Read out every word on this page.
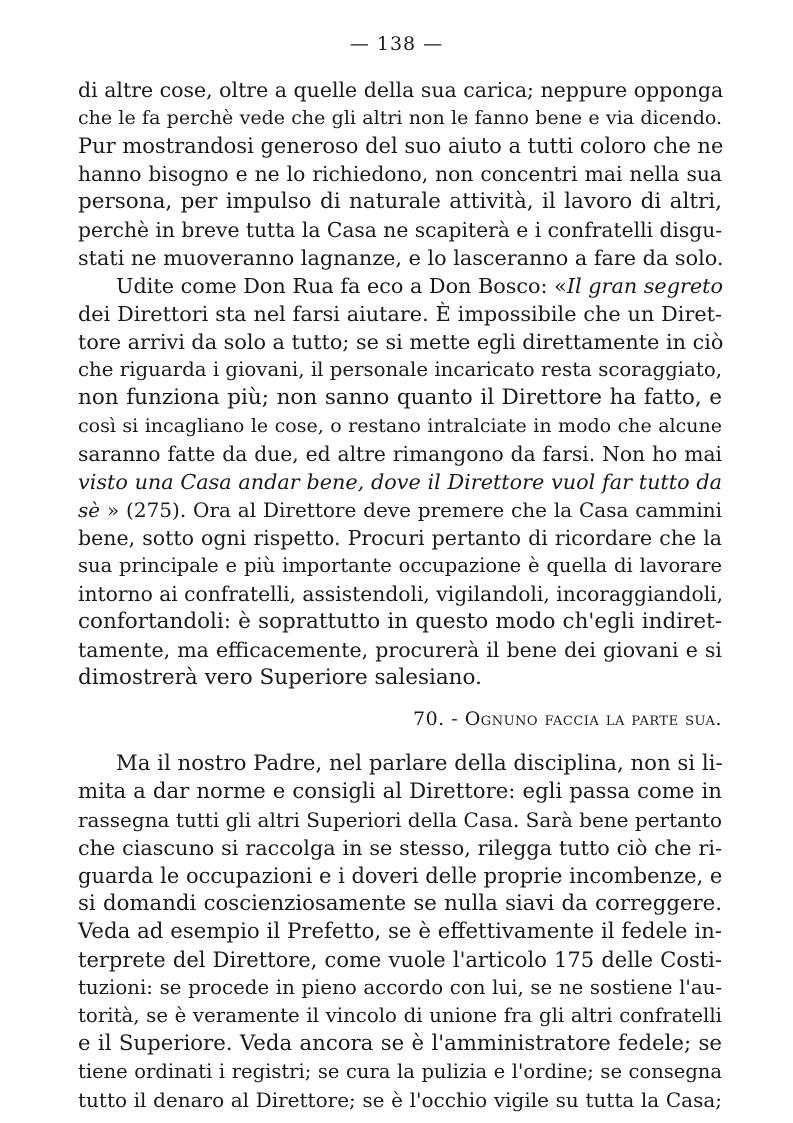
— 138 —
di altre cose, oltre a quelle della sua carica; neppure opponga
che le fa perchè vede che gli altri non le fanno bene e via dicendo.
Pur mostrandosi generoso del suo aiuto a tutti coloro che ne
hanno bisogno e ne lo richiedono, non concentri mai nella sua
persona, per impulso di naturale attività, il lavoro di altri,
perchè in breve tutta la Casa ne scapiterà e i confratelli disgu-
stati ne muoveranno lagnanze, e lo lasceranno a fare da solo.
Udite come Don Rua fa eco a Don Bosco: «Il gran segreto
dei Direttori sta nel farsi aiutare. È impossibile che un Diret-
tore arrivi da solo a tutto; se si mette egli direttamente in ciò
che riguarda i giovani, il personale incaricato resta scoraggiato,
non funziona più; non sanno quanto il Direttore ha fatto, e
così si incagliano le cose, o restano intralciate in modo che alcune
saranno fatte da due, ed altre rimangono da farsi. Non ho mai
visto una Casa andar bene, dove il Direttore vuol far tutto da
sè » (275). Ora al Direttore deve premere che la Casa cammini
bene, sotto ogni rispetto. Procuri pertanto di ricordare che la
sua principale e più importante occupazione è quella di lavorare
intorno ai confratelli, assistendoli, vigilandoli, incoraggiandoli,
confortandoli: è soprattutto in questo modo ch'egli indiret-
tamente, ma efficacemente, procurerà il bene dei giovani e si
dimostrerà vero Superiore salesiano.
70. - Ognuno faccia la parte sua.
Ma il nostro Padre, nel parlare della disciplina, non si li-
mita a dar norme e consigli al Direttore: egli passa come in
rassegna tutti gli altri Superiori della Casa. Sarà bene pertanto
che ciascuno si raccolga in se stesso, rilegga tutto ciò che ri-
guarda le occupazioni e i doveri delle proprie incombenze, e
si domandi coscienziosamente se nulla siavi da correggere.
Veda ad esempio il Prefetto, se è effettivamente il fedele in-
terprete del Direttore, come vuole l'articolo 175 delle Costi-
tuzioni: se procede in pieno accordo con lui, se ne sostiene l'au-
torità, se è veramente il vincolo di unione fra gli altri confratelli
e il Superiore. Veda ancora se è l'amministratore fedele; se
tiene ordinati i registri; se cura la pulizia e l'ordine; se consegna
tutto il denaro al Direttore; se è l'occhio vigile su tutta la Casa;
